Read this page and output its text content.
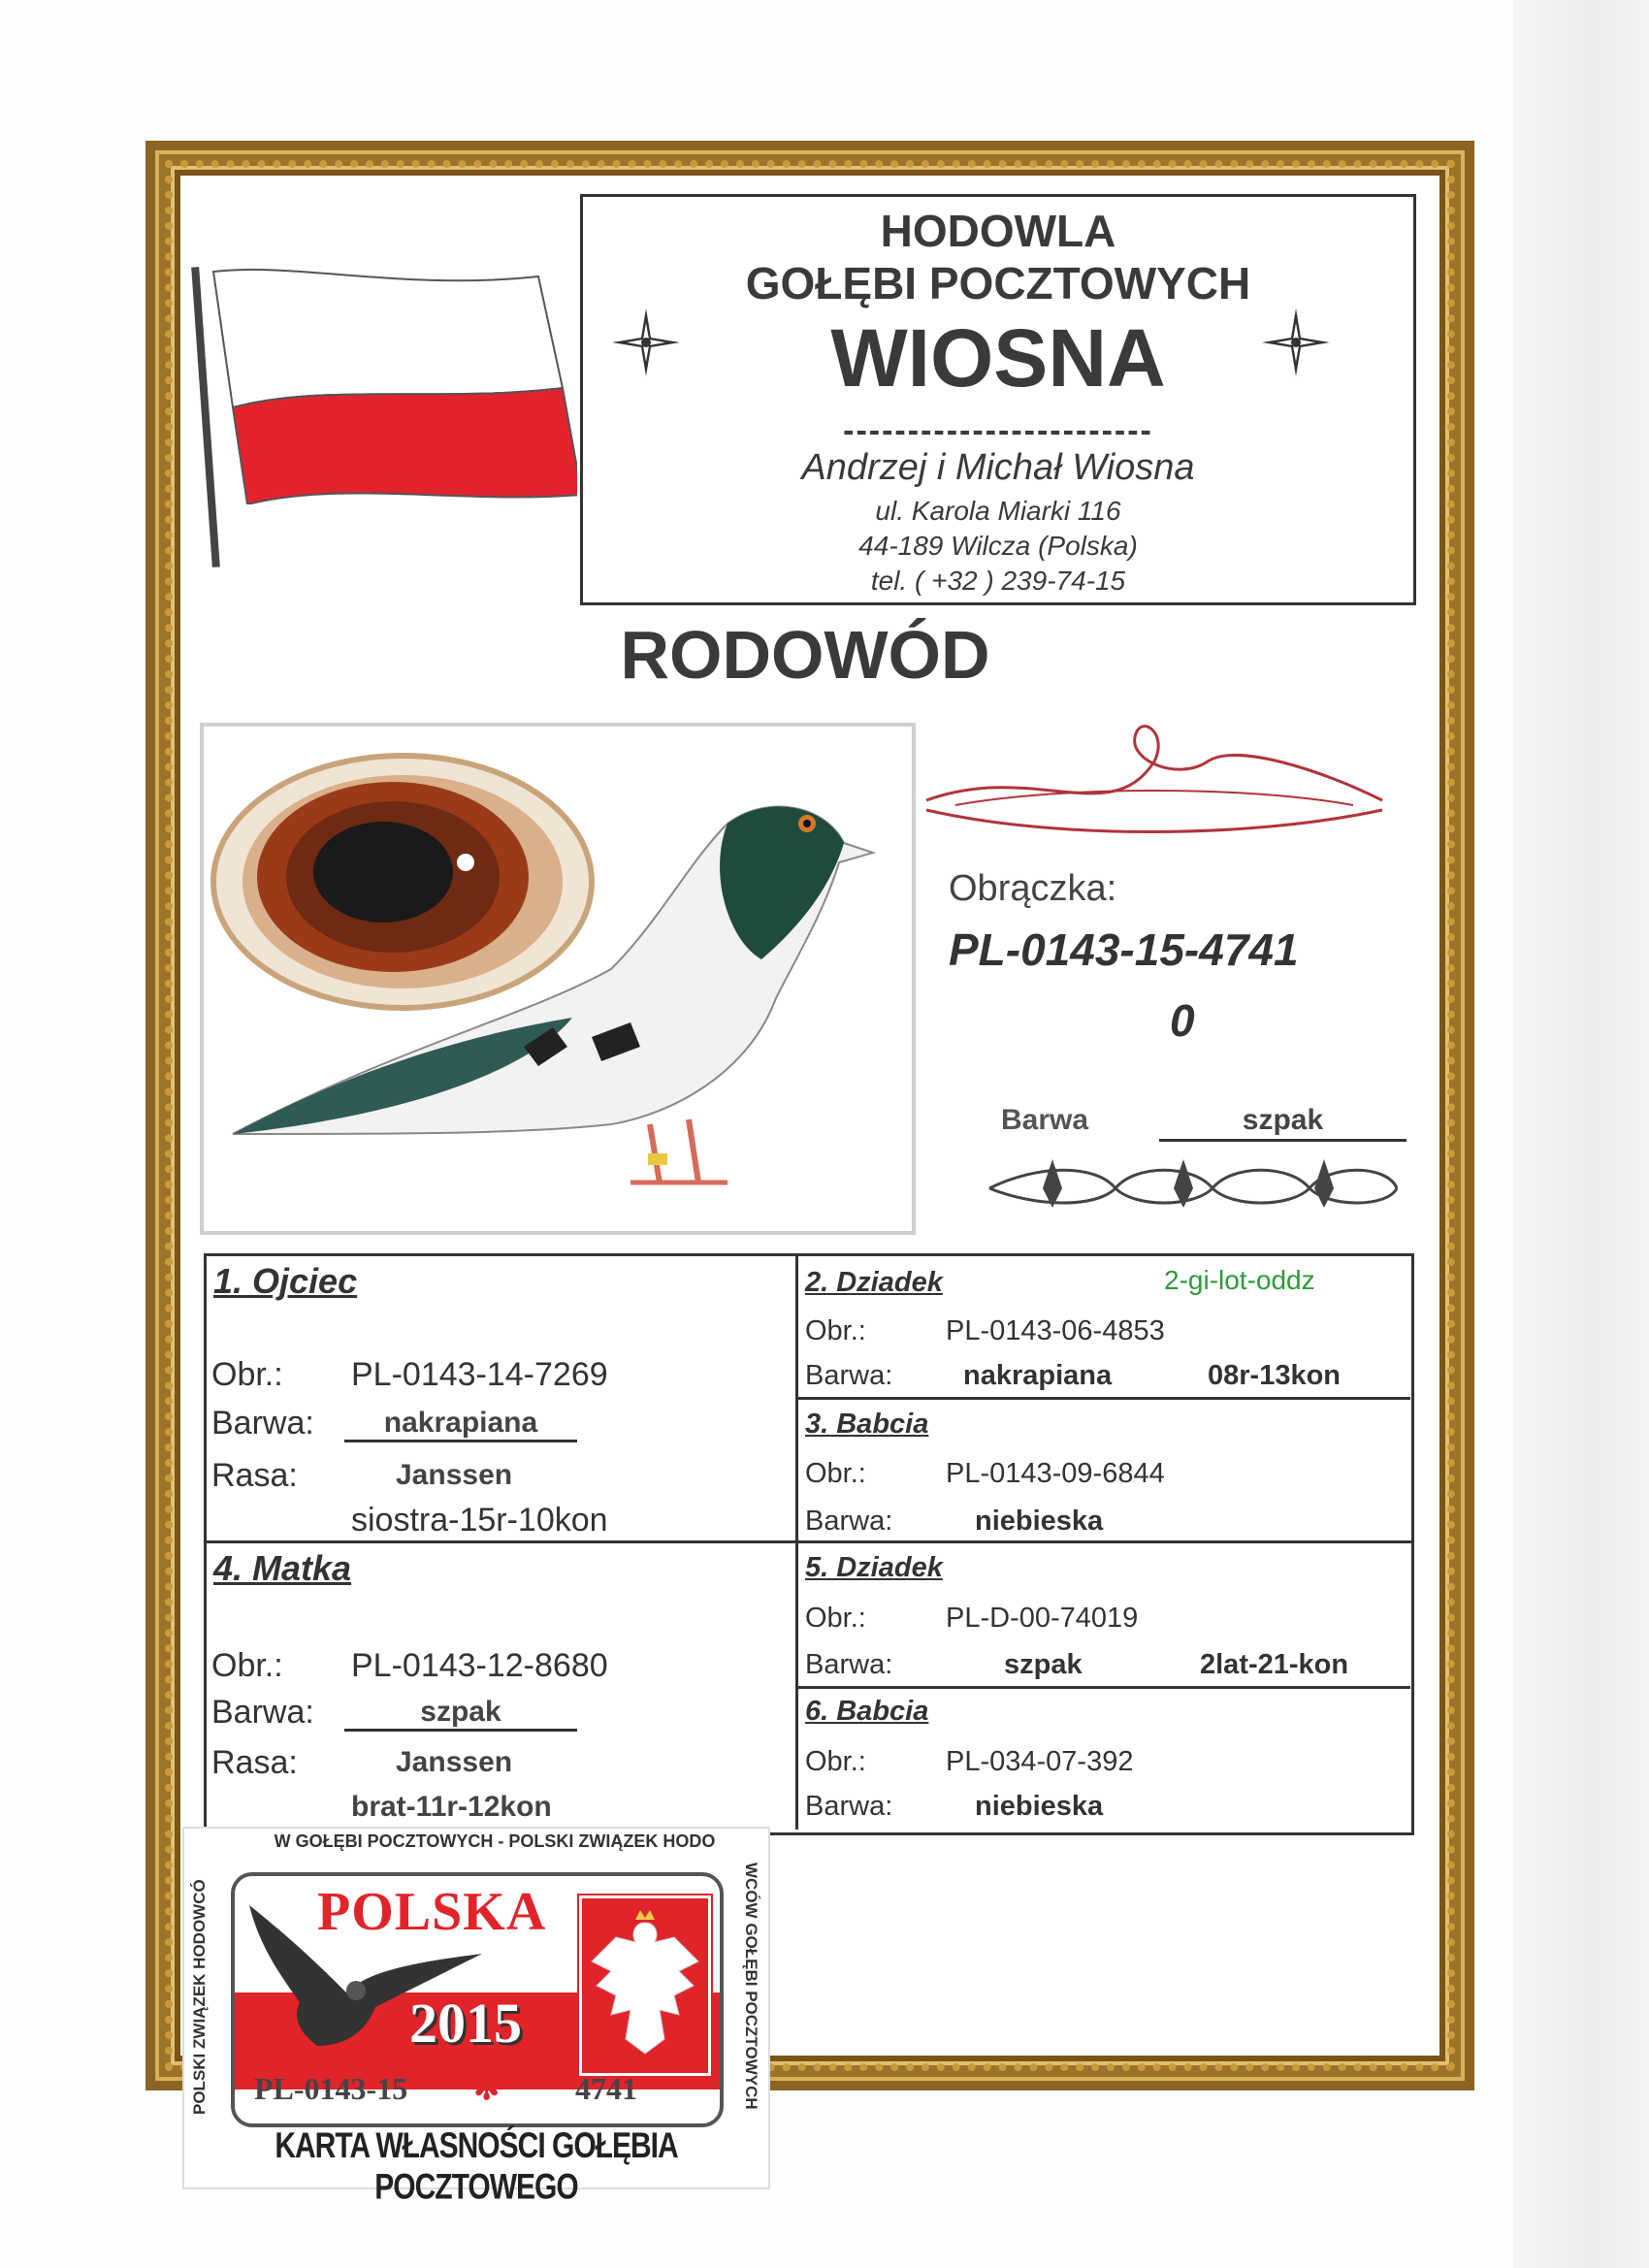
HODOWLA
GOŁĘBI POCZTOWYCH
WIOSNA
------------------------
Andrzej i Michał Wiosna
ul. Karola Miarki 116
44-189 Wilcza (Polska)
tel. ( +32 ) 239-74-15
RODOWÓD
Obrączka:
PL-0143-15-4741
0
Barwa	szpak
1. Ojciec
Obr.: PL-0143-14-7269
Barwa:	nakrapiana
Rasa:	Janssen
siostra-15r-10kon
2. Dziadek	2-gi-lot-oddz
Obr.:	PL-0143-06-4853
Barwa:	nakrapiana	08r-13kon
3. Babcia
Obr.:	PL-0143-09-6844
Barwa:	niebieska
4. Matka
Obr.: PL-0143-12-8680
Barwa:	szpak
Rasa:	Janssen
brat-11r-12kon
5. Dziadek
Obr.:	PL-D-00-74019
Barwa:	szpak	2lat-21-kon
6. Babcia
Obr.:	PL-034-07-392
Barwa:	niebieska
W GOŁĘBI POCZTOWYCH - POLSKI ZWIĄZEK HODO
POLSKI ZWIĄZEK HODOWCÓ	WCÓW GOŁĘBI POCZTOWYCH
POLSKA
2015
PL-0143-15 ✻ 4741
KARTA WŁASNOŚCI GOŁĘBIA POCZTOWEGO
